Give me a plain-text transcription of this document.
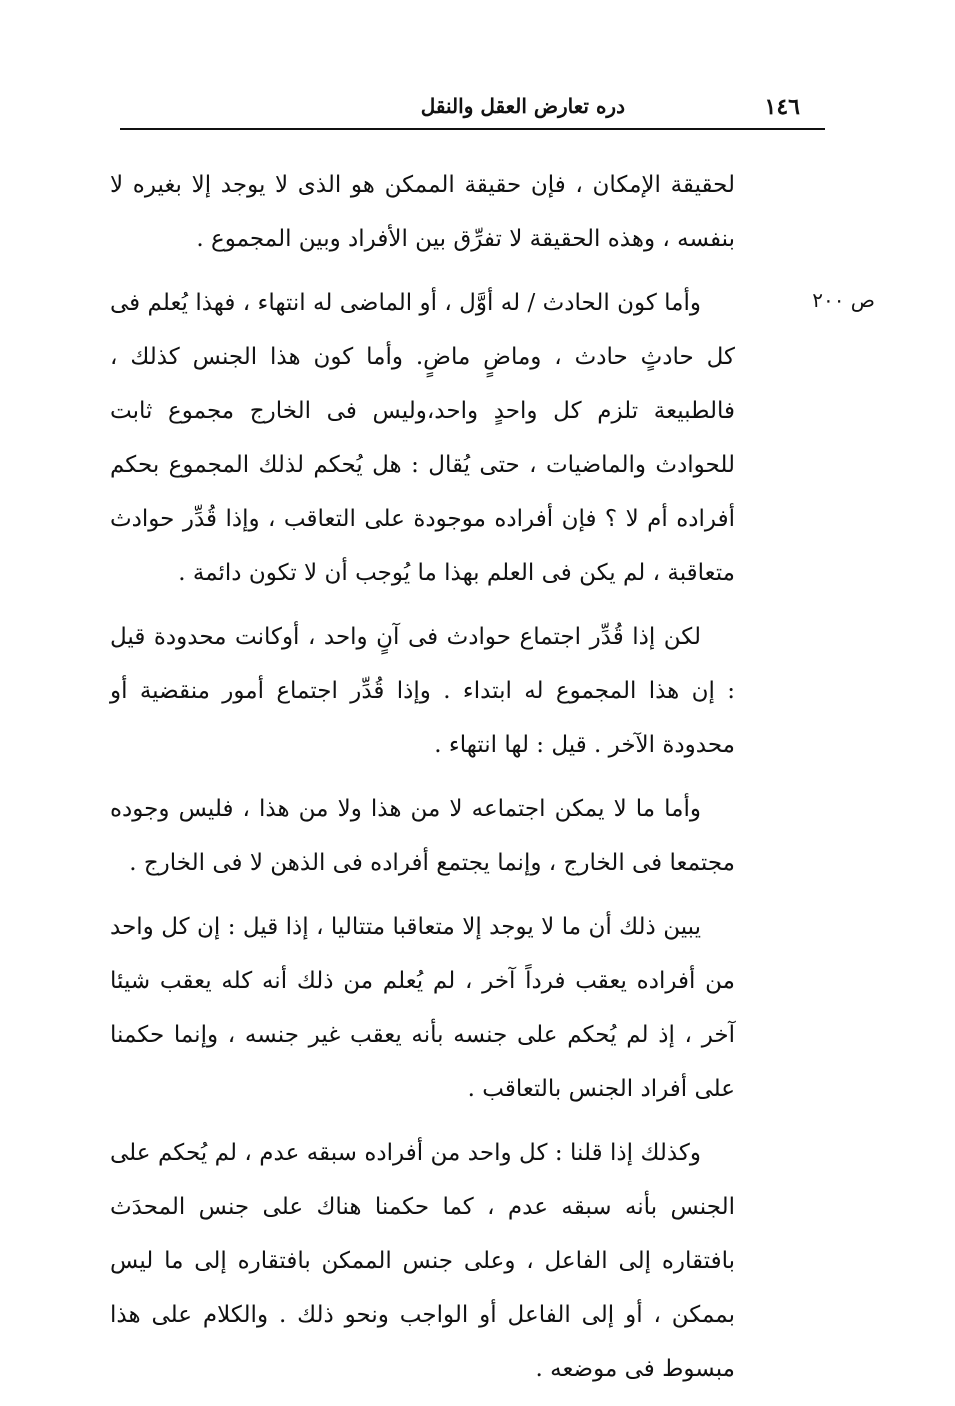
١٤٦
دره تعارض العقل والنقل
ص ٢٠٠

لحقيقة الإمكان ، فإن حقيقة الممكن هو الذى لا يوجد إلا بغيره لا بنفسه ، وهذه الحقيقة لا تفرِّق بين الأفراد وبين المجموع .

وأما كون الحادث / له أوَّل ، أو الماضى له انتهاء ، فهذا يُعلم فى كل حادثٍ حادث ، وماضٍ ماضٍ. وأما كون هذا الجنس كذلك ، فالطبيعة تلزم كل واحدٍ واحد،وليس فى الخارج مجموع ثابت للحوادث والماضيات ، حتى يُقال : هل يُحكم لذلك المجموع بحكم أفراده أم لا ؟ فإن أفراده موجودة على التعاقب ، وإذا قُدِّر حوادث متعاقبة ، لم يكن فى العلم بهذا ما يُوجب أن لا تكون دائمة .

لكن إذا قُدِّر اجتماع حوادث فى آنٍ واحد ، أوكانت محدودة قيل : إن هذا المجموع له ابتداء . وإذا قُدِّر اجتماع أمور منقضية أو محدودة الآخر . قيل : لها انتهاء .

وأما ما لا يمكن اجتماعه لا من هذا ولا من هذا ، فليس وجوده مجتمعا فى الخارج ، وإنما يجتمع أفراده فى الذهن لا فى الخارج .

يبين ذلك أن ما لا يوجد إلا متعاقبا متتاليا ، إذا قيل : إن كل واحد من أفراده يعقب فرداً آخر ، لم يُعلم من ذلك أنه كله يعقب شيئا آخر ، إذ لم يُحكم على جنسه بأنه يعقب غير جنسه ، وإنما حكمنا على أفراد الجنس بالتعاقب .

وكذلك إذا قلنا : كل واحد من أفراده سبقه عدم ، لم يُحكم على الجنس بأنه سبقه عدم ، كما حكمنا هناك على جنس المحدَث بافتقاره إلى الفاعل ، وعلى جنس الممكن بافتقاره إلى ما ليس بممكن ، أو إلى الفاعل أو الواجب ونحو ذلك . والكلام على هذا مبسوط فى موضعه .
